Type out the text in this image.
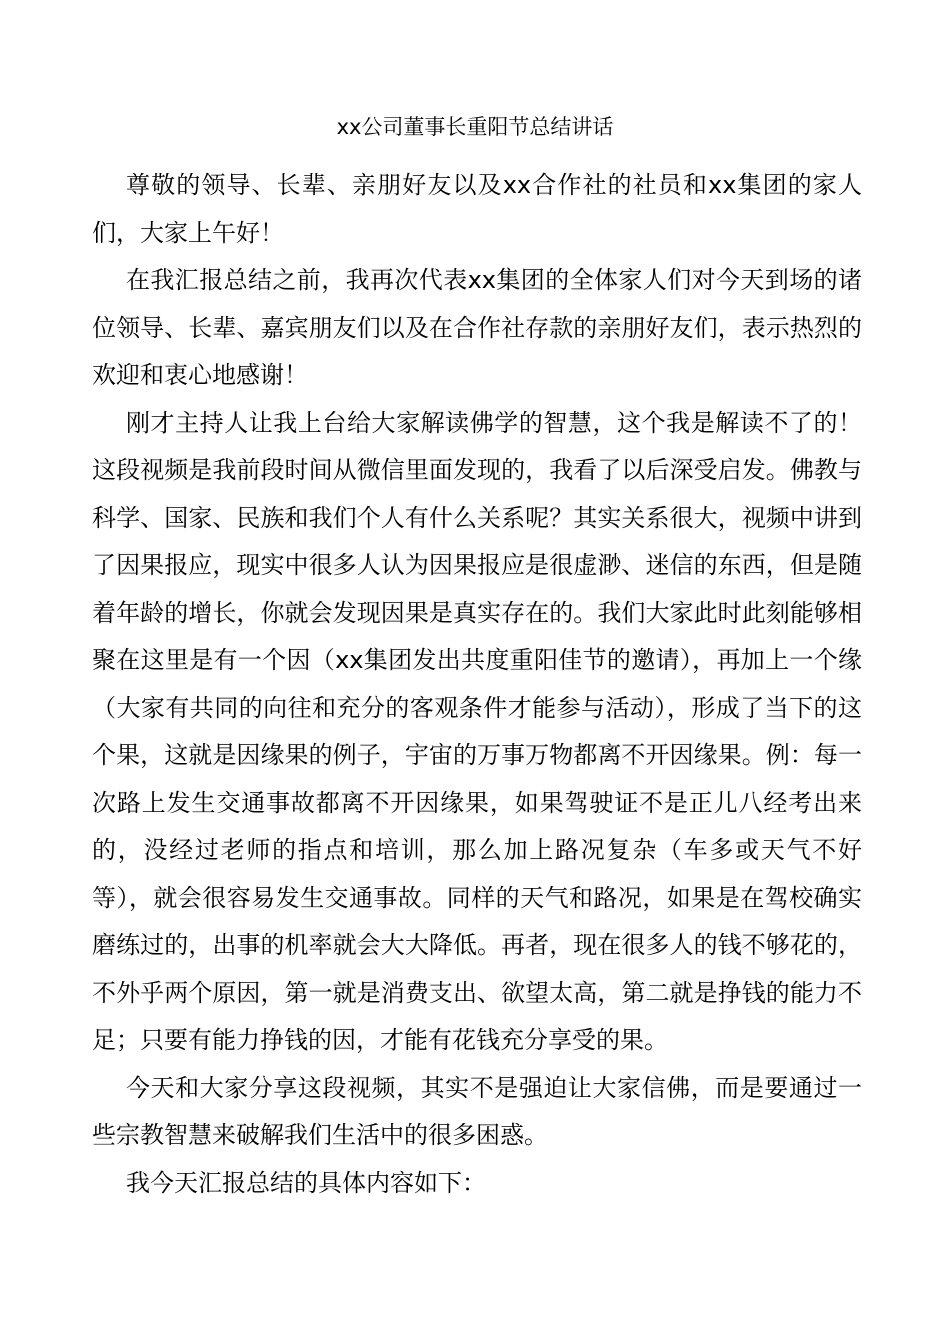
xx公司董事长重阳节总结讲话

尊敬的领导、长辈、亲朋好友以及xx合作社的社员和xx集团的家人们，大家上午好！

在我汇报总结之前，我再次代表xx集团的全体家人们对今天到场的诸位领导、长辈、嘉宾朋友们以及在合作社存款的亲朋好友们，表示热烈的欢迎和衷心地感谢！

刚才主持人让我上台给大家解读佛学的智慧，这个我是解读不了的！这段视频是我前段时间从微信里面发现的，我看了以后深受启发。佛教与科学、国家、民族和我们个人有什么关系呢？其实关系很大，视频中讲到了因果报应，现实中很多人认为因果报应是很虚渺、迷信的东西，但是随着年龄的增长，你就会发现因果是真实存在的。我们大家此时此刻能够相聚在这里是有一个因（xx集团发出共度重阳佳节的邀请），再加上一个缘（大家有共同的向往和充分的客观条件才能参与活动），形成了当下的这个果，这就是因缘果的例子，宇宙的万事万物都离不开因缘果。例：每一次路上发生交通事故都离不开因缘果，如果驾驶证不是正儿八经考出来的，没经过老师的指点和培训，那么加上路况复杂（车多或天气不好等），就会很容易发生交通事故。同样的天气和路况，如果是在驾校确实磨练过的，出事的机率就会大大降低。再者，现在很多人的钱不够花的，不外乎两个原因，第一就是消费支出、欲望太高，第二就是挣钱的能力不足；只要有能力挣钱的因，才能有花钱充分享受的果。

今天和大家分享这段视频，其实不是强迫让大家信佛，而是要通过一些宗教智慧来破解我们生活中的很多困惑。

我今天汇报总结的具体内容如下：
